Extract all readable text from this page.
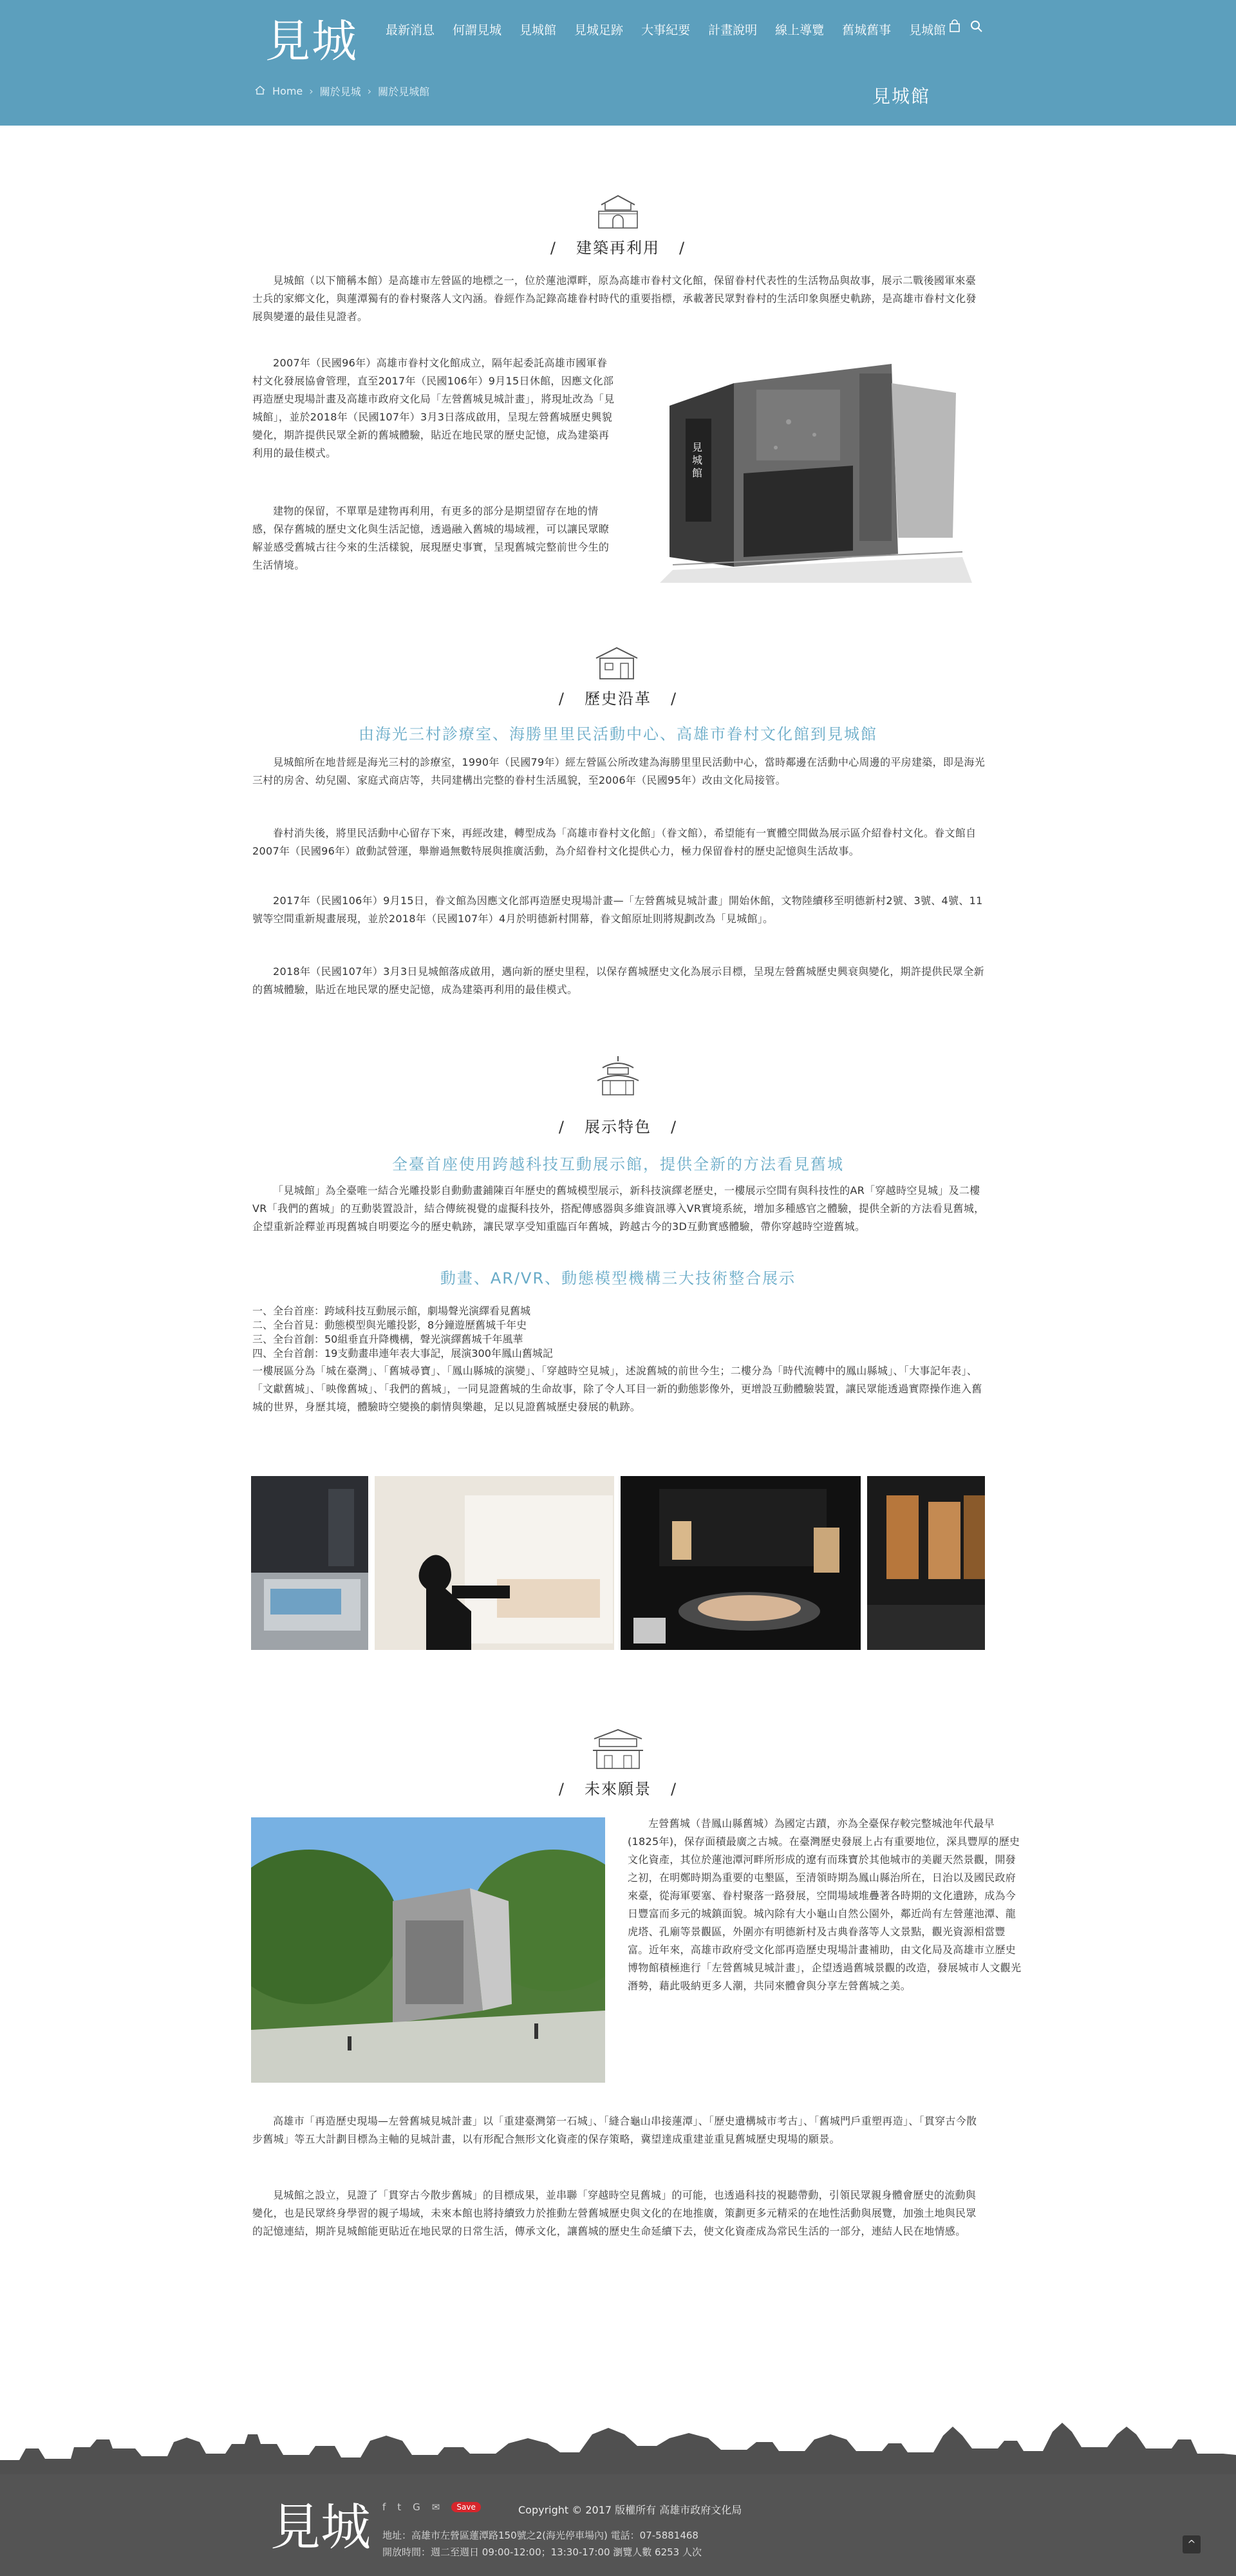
見城	最新消息	何謂見城	見城館	見城足跡	大事紀要	計畫說明	線上導覽	舊城舊事	見城館
Home › 關於見城 › 關於見城館	見城館
/ 建築再利用 /
見城館（以下簡稱本館）是高雄市左營區的地標之一，位於蓮池潭畔，原為高雄市眷村文化館，保留眷村代表性的生活物品與故事，展示二戰後國軍來臺士兵的家鄉文化，與蓮潭獨有的眷村聚落人文內涵。眷經作為記錄高雄眷村時代的重要指標，承載著民眾對眷村的生活印象與歷史軌跡，是高雄市眷村文化發展與變遷的最佳見證者。
2007年（民國96年）高雄市眷村文化館成立，隔年起委託高雄市國軍眷村文化發展協會管理，直至2017年（民國106年）9月15日休館，因應文化部再造歷史現場計畫及高雄市政府文化局「左營舊城見城計畫」，將現址改為「見城館」，並於2018年（民國107年）3月3日落成啟用，呈現左營舊城歷史興貌變化，期許提供民眾全新的舊城體驗，貼近在地民眾的歷史記憶，成為建築再利用的最佳模式。
建物的保留，不單單是建物再利用，有更多的部分是期望留存在地的情感，保存舊城的歷史文化與生活記憶，透過融入舊城的場域裡，可以讓民眾瞭解並感受舊城古往今來的生活樣貌，展現歷史事實，呈現舊城完整前世今生的生活情境。
見城館
/ 歷史沿革 /
由海光三村診療室、海勝里里民活動中心、高雄市眷村文化館到見城館
見城館所在地昔經是海光三村的診療室，1990年（民國79年）經左營區公所改建為海勝里里民活動中心，當時鄰邊在活動中心周邊的平房建築，即是海光三村的房舍、幼兒園、家庭式商店等，共同建構出完整的眷村生活風貌，至2006年（民國95年）改由文化局接管。
眷村消失後，將里民活動中心留存下來，再經改建，轉型成為「高雄市眷村文化館」（眷文館），希望能有一實體空間做為展示區介紹眷村文化。眷文館自2007年（民國96年）啟動試營運，舉辦過無數特展與推廣活動，為介紹眷村文化提供心力，極力保留眷村的歷史記憶與生活故事。
2017年（民國106年）9月15日，眷文館為因應文化部再造歷史現場計畫—「左營舊城見城計畫」開始休館，文物陸續移至明德新村2號、3號、4號、11號等空間重新規畫展現，並於2018年（民國107年）4月於明德新村開幕，眷文館原址則將規劃改為「見城館」。
2018年（民國107年）3月3日見城館落成啟用，邁向新的歷史里程，以保存舊城歷史文化為展示目標，呈現左營舊城歷史興衰與變化，期許提供民眾全新的舊城體驗，貼近在地民眾的歷史記憶，成為建築再利用的最佳模式。
/ 展示特色 /
全臺首座使用跨越科技互動展示館，提供全新的方法看見舊城
「見城館」為全臺唯一結合光雕投影自動動畫鋪陳百年歷史的舊城模型展示，新科技演繹老歷史，一樓展示空間有與科技性的AR「穿越時空見城」及二樓VR「我們的舊城」的互動裝置設計，結合傳統視覺的虛擬科技外，搭配傳感器與多維資訊導入VR實境系統，增加多種感官之體驗，提供全新的方法看見舊城，企望重新詮釋並再現舊城自明要迄今的歷史軌跡，讓民眾享受知重臨百年舊城，跨越古今的3D互動實感體驗，帶你穿越時空遊舊城。
動畫、AR/VR、動態模型機構三大技術整合展示
一、全台首座：跨域科技互動展示館，劇場聲光演繹看見舊城
二、全台首見：動態模型與光雕投影，8分鐘遊歷舊城千年史
三、全台首創：50組垂直升降機構，聲光演繹舊城千年風華
四、全台首創：19支動畫串連年表大事記，展演300年鳳山舊城記
一樓展區分為「城在臺灣」、「舊城尋寶」、「鳳山縣城的演變」、「穿越時空見城」，述說舊城的前世今生；二樓分為「時代流轉中的鳳山縣城」、「大事記年表」、「文獻舊城」、「映像舊城」、「我們的舊城」，一同見證舊城的生命故事，除了令人耳目一新的動態影像外，更增設互動體驗裝置，讓民眾能透過實際操作進入舊城的世界，身歷其境，體驗時空變換的劇情與樂趣，足以見證舊城歷史發展的軌跡。
/ 未來願景 /
左營舊城（昔鳳山縣舊城）為國定古蹟，亦為全臺保存較完整城池年代最早(1825年)，保存面積最廣之古城。在臺灣歷史發展上占有重要地位，深具豐厚的歷史文化資產，其位於蓮池潭河畔所形成的遼有而珠寶於其他城市的美麗天然景觀，開發之初，在明鄭時期為重要的屯墾區，至清領時期為鳳山縣治所在，日治以及國民政府來臺，從海軍要塞、眷村聚落一路發展，空間場域堆疊著各時期的文化遺跡，成為今日豐富而多元的城鎮面貌。城內除有大小龜山自然公園外，鄰近尚有左營蓮池潭、龍虎塔、孔廟等景觀區，外圍亦有明德新村及古典眷落等人文景點，觀光資源相當豐富。近年來，高雄市政府受文化部再造歷史現場計畫補助，由文化局及高雄市立歷史博物館積極進行「左營舊城見城計畫」，企望透過舊城景觀的改造，發展城市人文觀光潛勢，藉此吸納更多人潮，共同來體會與分享左營舊城之美。
高雄市「再造歷史現場—左營舊城見城計畫」以「重建臺灣第一石城」、「縫合龜山串接蓮潭」、「歷史遺構城市考古」、「舊城門戶重塑再造」、「貫穿古今散步舊城」等五大計劃目標為主軸的見城計畫，以有形配合無形文化資產的保存策略，冀望達成重建並重見舊城歷史現場的願景。
見城館之設立，見證了「貫穿古今散步舊城」的目標成果，並串聯「穿越時空見舊城」的可能，也透過科技的視聽帶動，引領民眾親身體會歷史的流動與變化，也是民眾終身學習的親子場域，未來本館也將持續致力於推動左營舊城歷史與文化的在地推廣，策劃更多元精采的在地性活動與展覽，加強土地與民眾的記憶連結，期許見城館能更貼近在地民眾的日常生活，傳承文化，讓舊城的歷史生命延續下去，使文化資產成為常民生活的一部分，連結人民在地情感。
見城 f t G ✉	Save	Copyright © 2017 版權所有 高雄市政府文化局
地址：高雄市左營區蓮潭路150號之2(海光停車場內) 電話：07-5881468
開放時間：週二至週日 09:00-12:00；13:30-17:00 瀏覽人數 6253 人次
^
